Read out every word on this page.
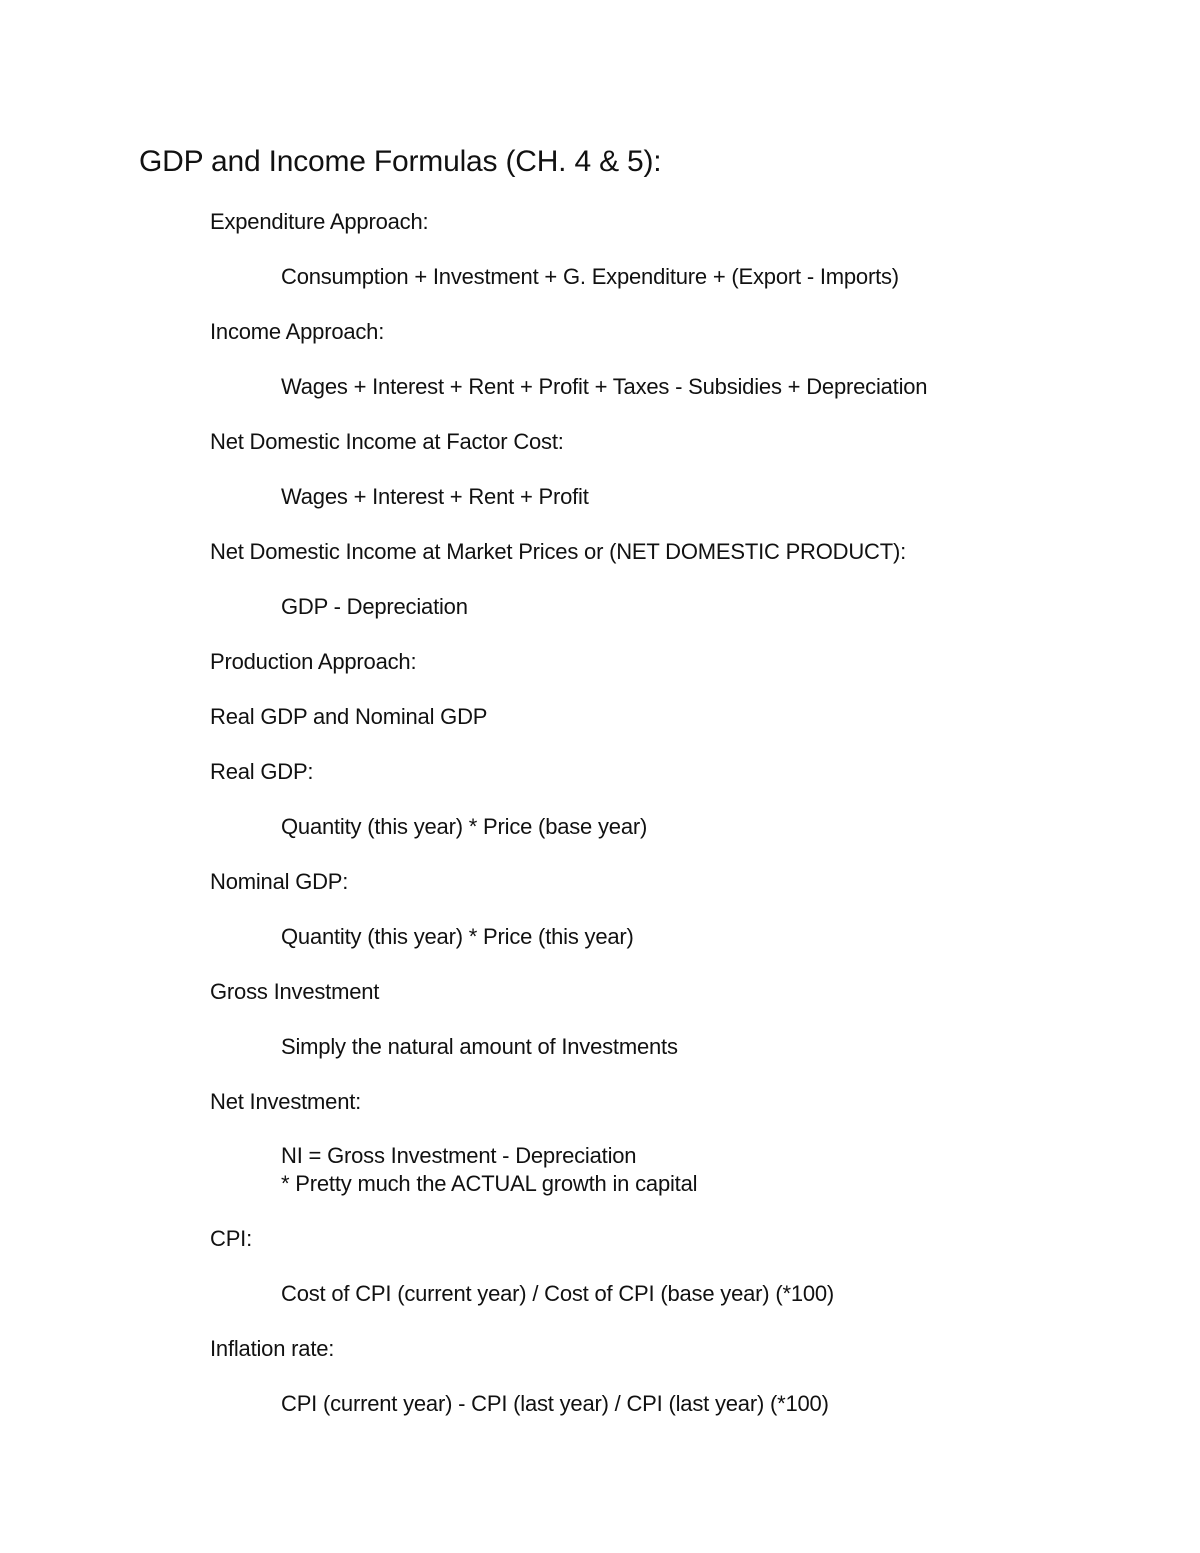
GDP and Income Formulas (CH. 4 & 5):
Expenditure Approach:
Consumption + Investment + G. Expenditure + (Export - Imports)
Income Approach:
Wages + Interest + Rent + Profit + Taxes - Subsidies + Depreciation
Net Domestic Income at Factor Cost:
Wages + Interest + Rent + Profit
Net Domestic Income at Market Prices or (NET DOMESTIC PRODUCT):
GDP - Depreciation
Production Approach:
Real GDP and Nominal GDP
Real GDP:
Quantity (this year) * Price (base year)
Nominal GDP:
Quantity (this year) * Price (this year)
Gross Investment
Simply the natural amount of Investments
Net Investment:
NI = Gross Investment - Depreciation
* Pretty much the ACTUAL growth in capital
CPI:
Cost of CPI (current year) / Cost of CPI (base year) (*100)
Inflation rate:
CPI (current year) - CPI (last year) / CPI (last year) (*100)
